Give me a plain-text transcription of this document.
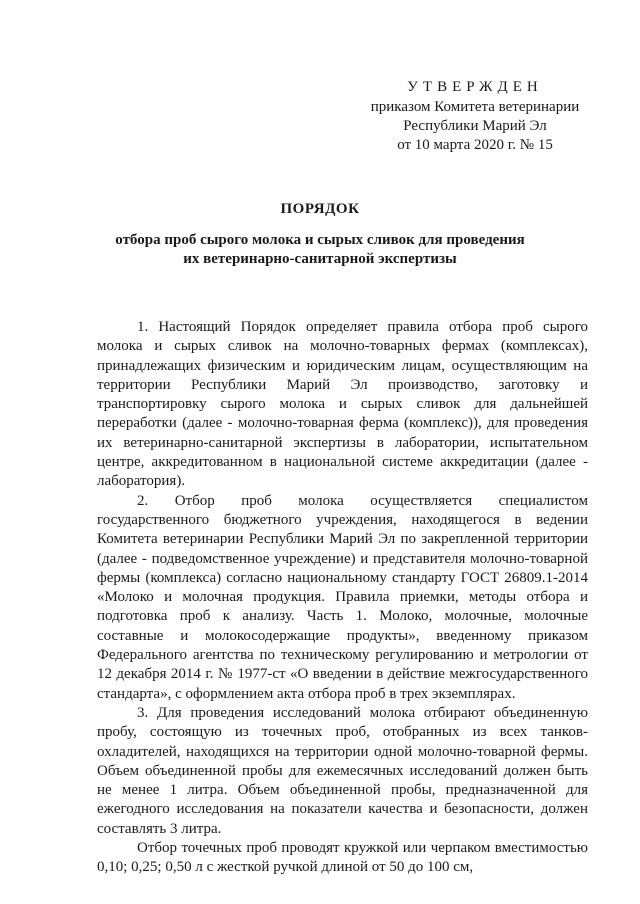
УТВЕРЖДЕН
приказом Комитета ветеринарии
Республики Марий Эл
от 10 марта 2020 г. № 15
ПОРЯДОК
отбора проб сырого молока и сырых сливок для проведения
их ветеринарно-санитарной экспертизы

1. Настоящий Порядок определяет правила отбора проб сырого молока и сырых сливок на молочно-товарных фермах (комплексах), принадлежащих физическим и юридическим лицам, осуществляющим на территории Республики Марий Эл производство, заготовку и транспортировку сырого молока и сырых сливок для дальнейшей переработки (далее - молочно-товарная ферма (комплекс)), для проведения их ветеринарно-санитарной экспертизы в лаборатории, испытательном центре, аккредитованном в национальной системе аккредитации (далее - лаборатория).

2. Отбор проб молока осуществляется специалистом государственного бюджетного учреждения, находящегося в ведении Комитета ветеринарии Республики Марий Эл по закрепленной территории (далее - подведомственное учреждение) и представителя молочно-товарной фермы (комплекса) согласно национальному стандарту ГОСТ 26809.1-2014 «Молоко и молочная продукция. Правила приемки, методы отбора и подготовка проб к анализу. Часть 1. Молоко, молочные, молочные составные и молокосодержащие продукты», введенному приказом Федерального агентства по техническому регулированию и метрологии от 12 декабря 2014 г. № 1977-ст «О введении в действие межгосударственного стандарта», с оформлением акта отбора проб в трех экземплярах.

3. Для проведения исследований молока отбирают объединенную пробу, состоящую из точечных проб, отобранных из всех танков-охладителей, находящихся на территории одной молочно-товарной фермы. Объем объединенной пробы для ежемесячных исследований должен быть не менее 1 литра. Объем объединенной пробы, предназначенной для ежегодного исследования на показатели качества и безопасности, должен составлять 3 литра.

Отбор точечных проб проводят кружкой или черпаком вместимостью 0,10; 0,25; 0,50 л с жесткой ручкой длиной от 50 до 100 см,
